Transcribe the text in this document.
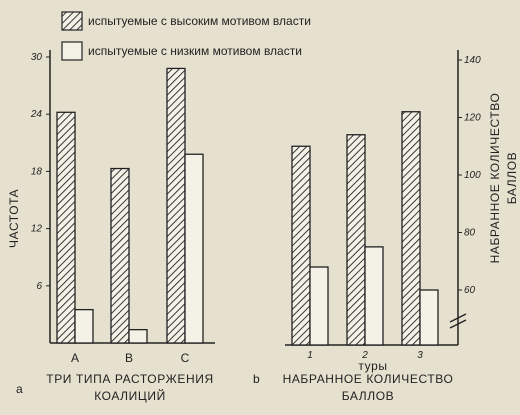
испытуемые с высоким мотивом власти
испытуемые с низким мотивом власти
ЧАСТОТА
a
ТРИ ТИПА РАСТОРЖЕНИЯ
КОАЛИЦИЙ
туры
b НАБРАННОЕ КОЛИЧЕСТВО
БАЛЛОВ
НАБРАННОЕ КОЛИЧЕСТВО БАЛЛОВ
6
12
18
24
30
A	B	C
60
80
100
120
140
1	2	3
